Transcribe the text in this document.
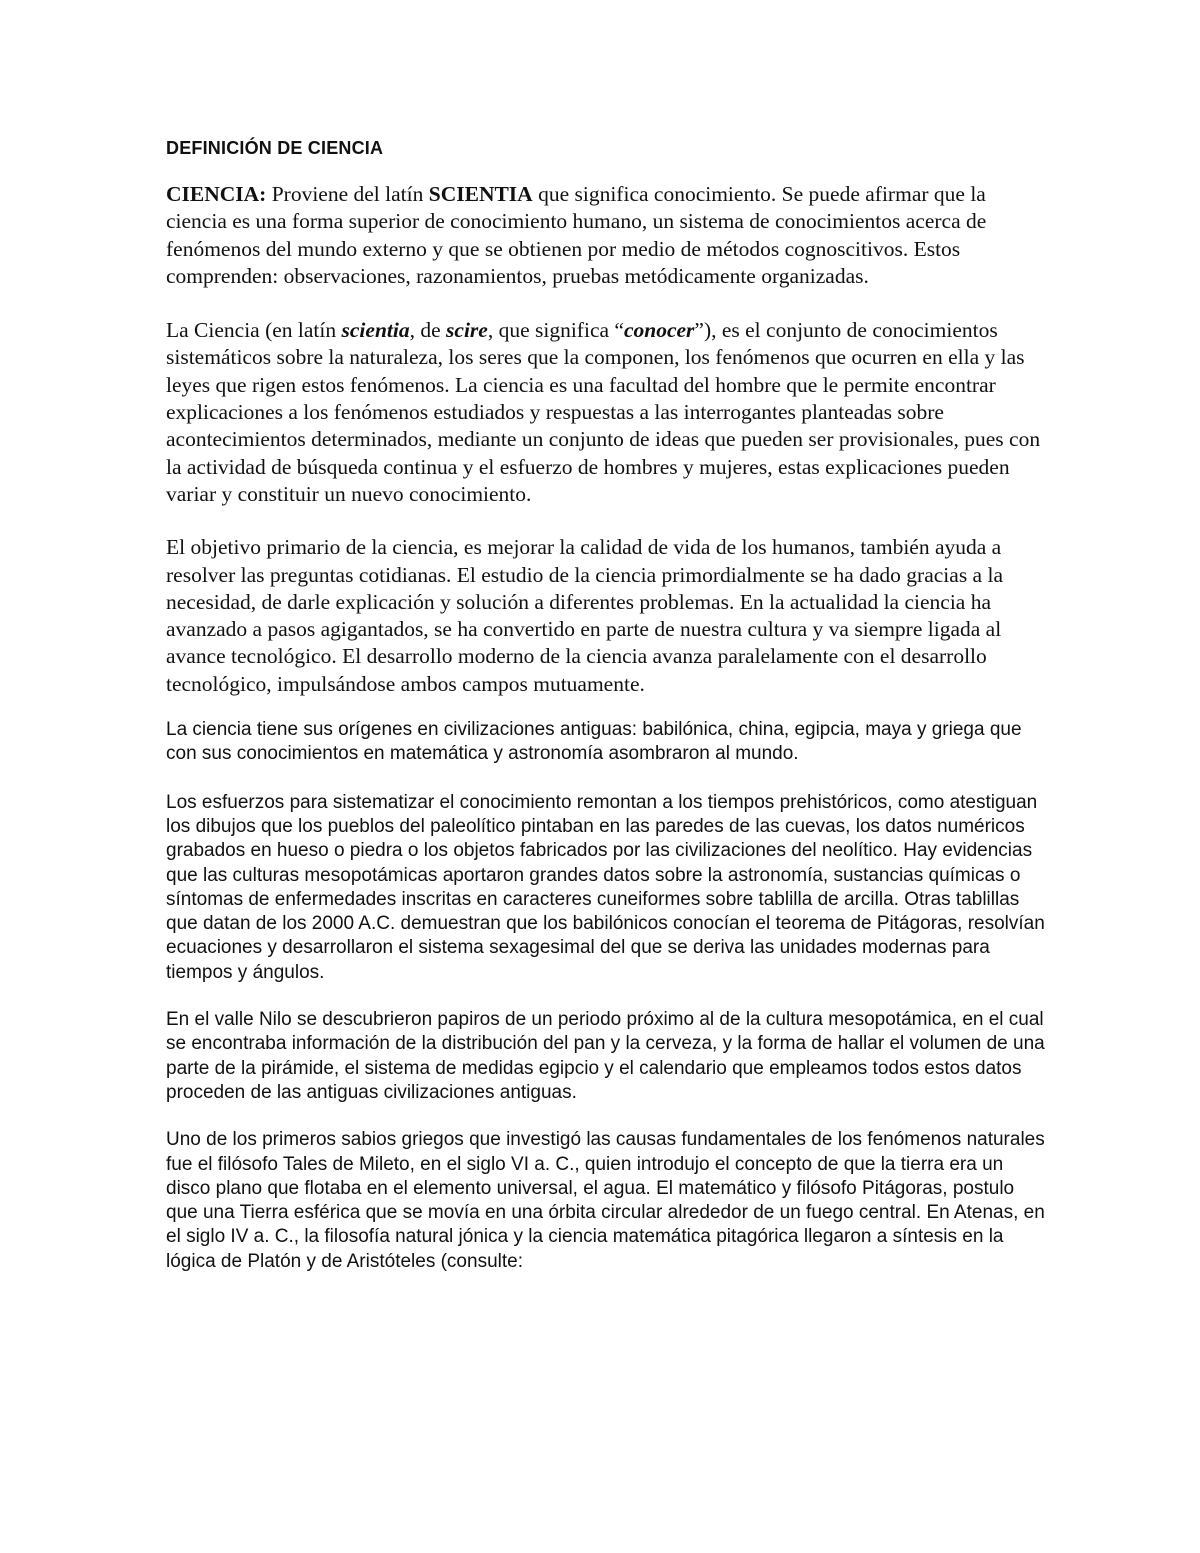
DEFINICIÓN DE CIENCIA

CIENCIA: Proviene del latín SCIENTIA que significa conocimiento. Se puede afirmar que la ciencia es una forma superior de conocimiento humano, un sistema de conocimientos acerca de fenómenos del mundo externo y que se obtienen por medio de métodos cognoscitivos. Estos comprenden: observaciones, razonamientos, pruebas metódicamente organizadas.

La Ciencia (en latín scientia, de scire, que significa “conocer”), es el conjunto de conocimientos sistemáticos sobre la naturaleza, los seres que la componen, los fenómenos que ocurren en ella y las leyes que rigen estos fenómenos. La ciencia es una facultad del hombre que le permite encontrar explicaciones a los fenómenos estudiados y respuestas a las interrogantes planteadas sobre acontecimientos determinados, mediante un conjunto de ideas que pueden ser provisionales, pues con la actividad de búsqueda continua y el esfuerzo de hombres y mujeres, estas explicaciones pueden variar y constituir un nuevo conocimiento.

El objetivo primario de la ciencia, es mejorar la calidad de vida de los humanos, también ayuda a resolver las preguntas cotidianas. El estudio de la ciencia primordialmente se ha dado gracias a la necesidad, de darle explicación y solución a diferentes problemas. En la actualidad la ciencia ha avanzado a pasos agigantados, se ha convertido en parte de nuestra cultura y va siempre ligada al avance tecnológico. El desarrollo moderno de la ciencia avanza paralelamente con el desarrollo tecnológico, impulsándose ambos campos mutuamente.

La ciencia tiene sus orígenes en civilizaciones antiguas: babilónica, china, egipcia, maya y griega que con sus conocimientos en matemática y astronomía asombraron al mundo.

Los esfuerzos para sistematizar el conocimiento remontan a los tiempos prehistóricos, como atestiguan los dibujos que los pueblos del paleolítico pintaban en las paredes de las cuevas, los datos numéricos grabados en hueso o piedra o los objetos fabricados por las civilizaciones del neolítico. Hay evidencias que las culturas mesopotámicas aportaron grandes datos sobre la astronomía, sustancias químicas o síntomas de enfermedades inscritas en caracteres cuneiformes sobre tablilla de arcilla. Otras tablillas que datan de los 2000 A.C. demuestran que los babilónicos conocían el teorema de Pitágoras, resolvían ecuaciones y desarrollaron el sistema sexagesimal del que se deriva las unidades modernas para tiempos y ángulos.

En el valle Nilo se descubrieron papiros de un periodo próximo al de la cultura mesopotámica, en el cual se encontraba información de la distribución del pan y la cerveza, y la forma de hallar el volumen de una parte de la pirámide, el sistema de medidas egipcio y el calendario que empleamos todos estos datos proceden de las antiguas civilizaciones antiguas.

Uno de los primeros sabios griegos que investigó las causas fundamentales de los fenómenos naturales fue el filósofo Tales de Mileto, en el siglo VI a. C., quien introdujo el concepto de que la tierra era un disco plano que flotaba en el elemento universal, el agua. El matemático y filósofo Pitágoras, postulo que una Tierra esférica que se movía en una órbita circular alrededor de un fuego central. En Atenas, en el siglo IV a. C., la filosofía natural jónica y la ciencia matemática pitagórica llegaron a síntesis en la lógica de Platón y de Aristóteles (consulte:
